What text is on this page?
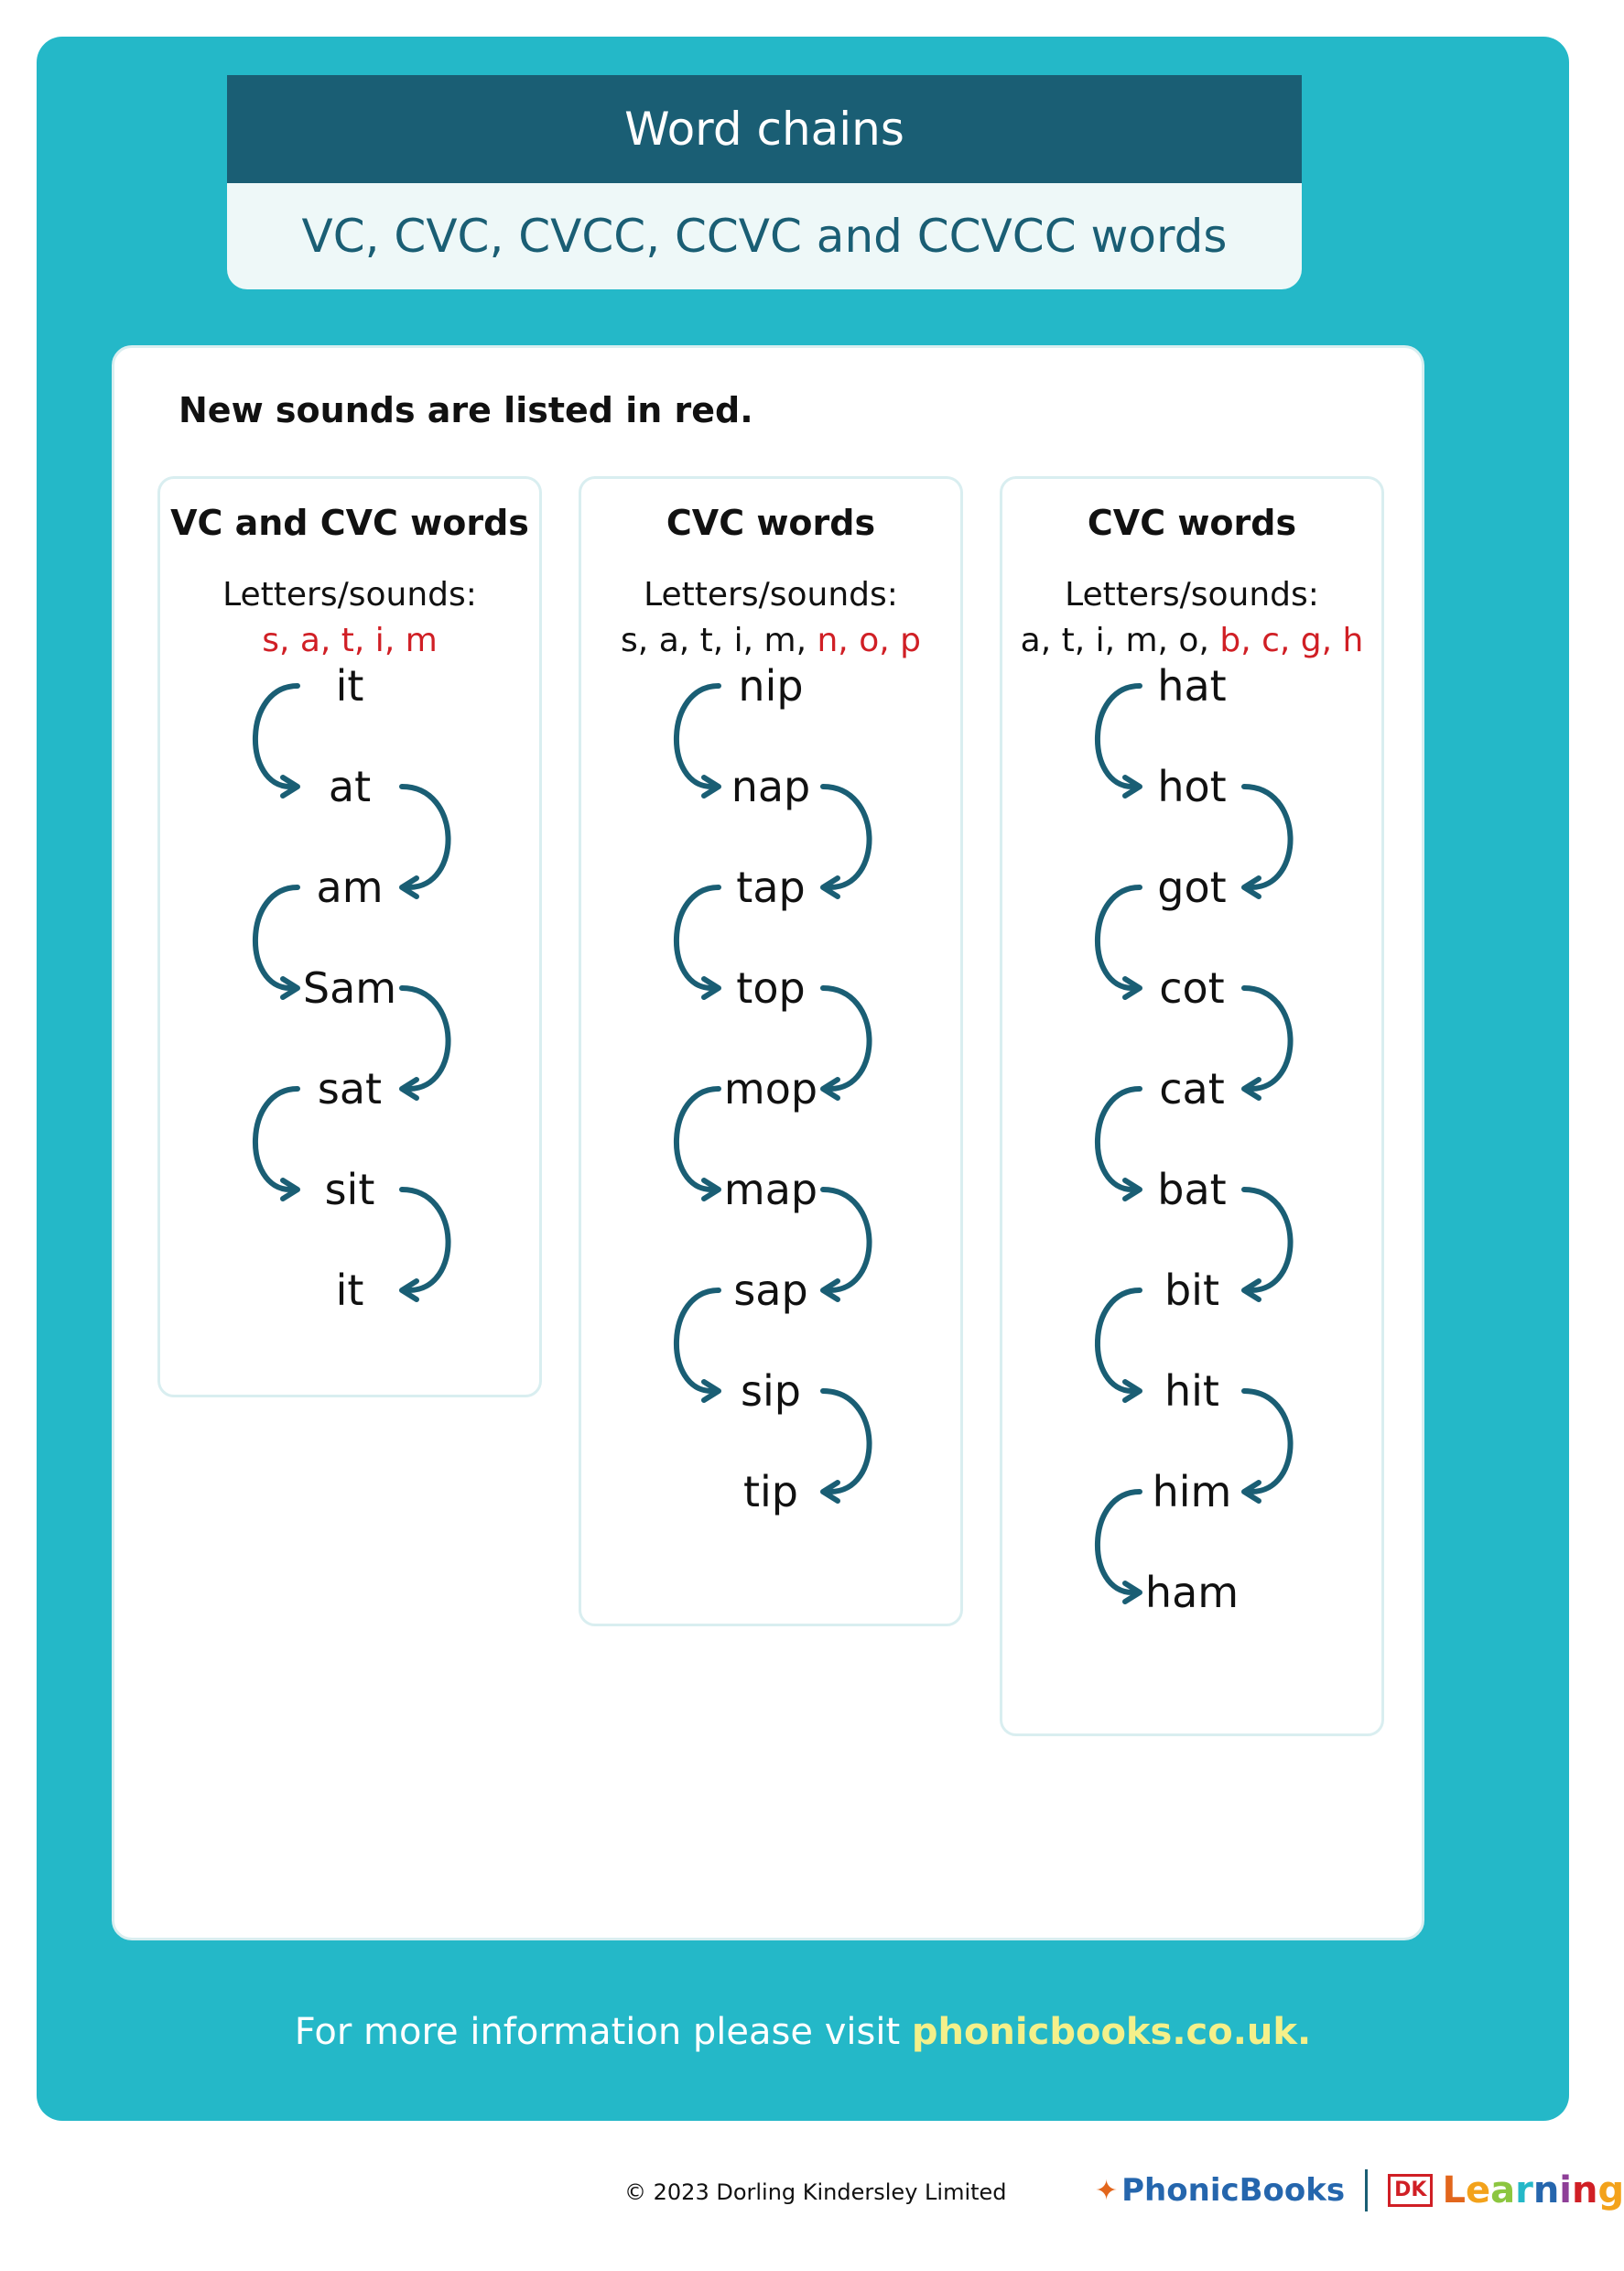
Word chains
VC, CVC, CVCC, CCVC and CCVCC words
New sounds are listed in red.
VC and CVC words
Letters/sounds:
s, a, t, i, m
it
at
am
Sam
sat
sit
it
CVC words
Letters/sounds:
s, a, t, i, m, n, o, p
nip
nap
tap
top
mop
map
sap
sip
tip
CVC words
Letters/sounds:
a, t, i, m, o, b, c, g, h
hat
hot
got
cot
cat
bat
bit
hit
him
ham
For more information please visit phonicbooks.co.uk.
© 2023 Dorling Kindersley Limited	✦ PhonicBooks	DK Learning
